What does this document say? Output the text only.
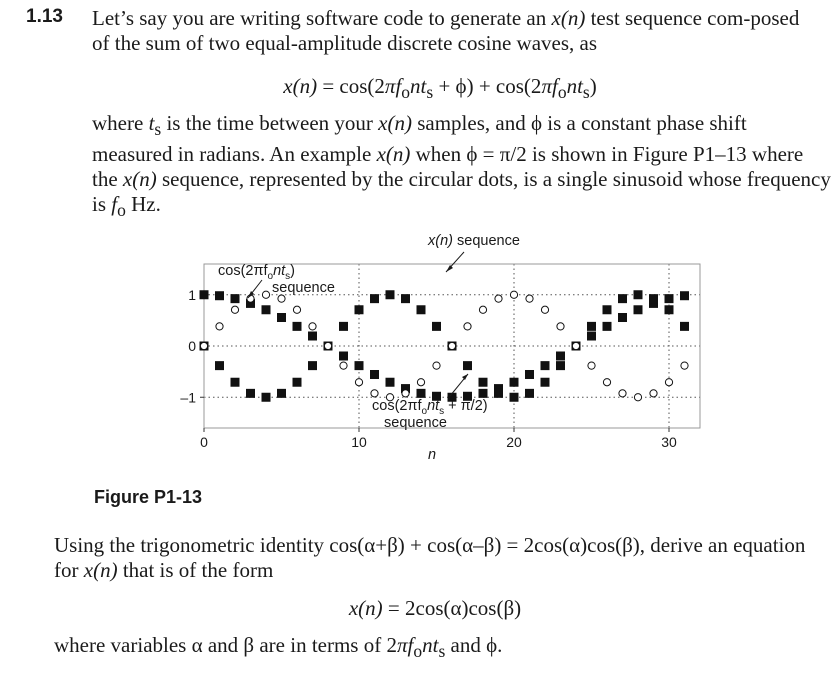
1.13 Let’s say you are writing software code to generate an x(n) test sequence com-posed of the sum of two equal-amplitude discrete cosine waves, as

$x(n) = \cos(2\pi f_ont_s + \phi) + \cos(2\pi f_ont_s)$

where $t_s$ is the time between your x(n) samples, and ϕ is a constant phase shift measured in radians. An example x(n) when ϕ = π/2 is shown in Figure P1–13 where the x(n) sequence, represented by the circular dots, is a single sinusoid whose frequency is $f_o$ Hz.

1
0
–1
0	10	20	30
x(n) sequence
$\cos(2\pi f_ont_s)$
sequence
$\cos(2\pi f_ont_s + \pi/2)$
sequence
n
Figure P1-13

Using the trigonometric identity cos(α+β) + cos(α–β) = 2cos(α)cos(β), derive an equation for x(n) that is of the form

x(n) = 2cos(α)cos(β)

where variables α and β are in terms of $2\pi f_ont_s$ and ϕ.
